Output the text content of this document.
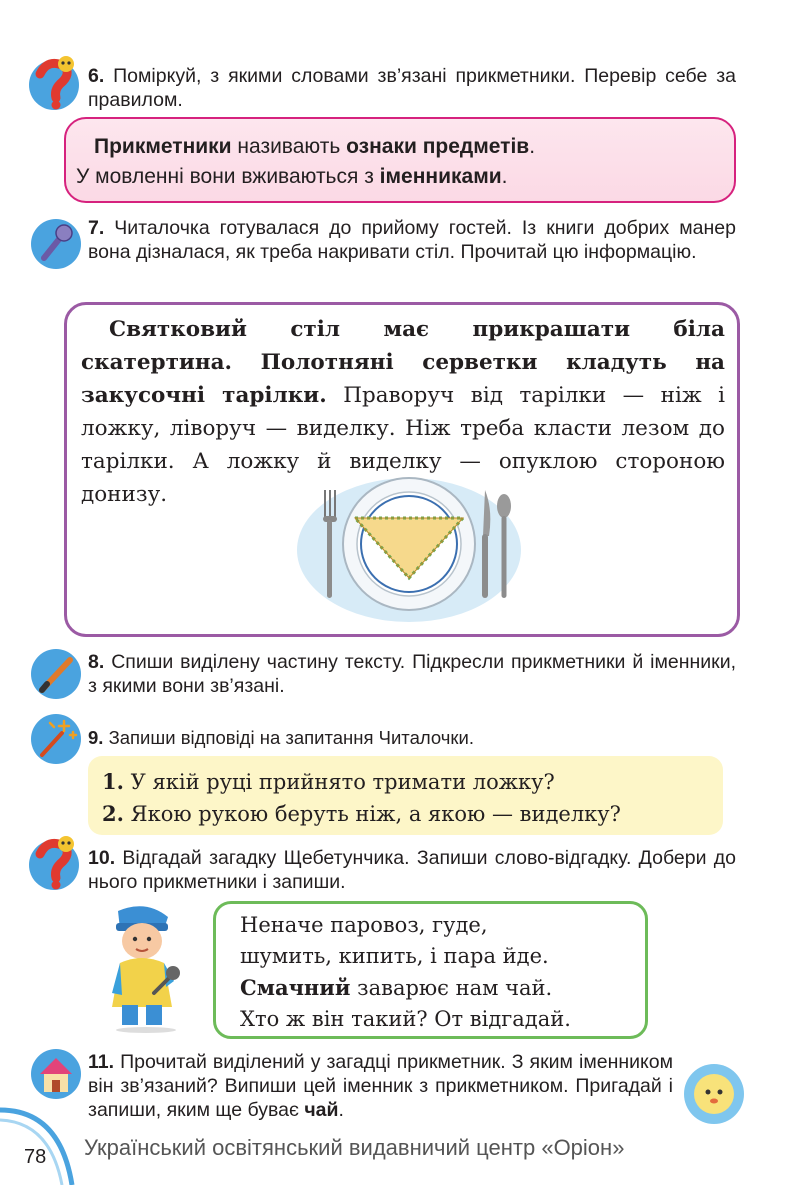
6. Поміркуй, з якими словами зв’язані прикметники. Перевір себе за правилом.
Прикметники називають ознаки предметів.
У мовленні вони вживаються з іменниками.
7. Читалочка готувалася до прийому гостей. Із книги добрих манер вона дізналася, як треба накривати стіл. Прочитай цю інформацію.
Святковий стіл має прикрашати біла скатертина. Полотняні серветки кладуть на закусочні тарілки. Праворуч від тарілки — ніж і ложку, ліворуч — виделку. Ніж треба класти лезом до тарілки. А ложку й виделку — опуклою стороною донизу.
8. Спиши виділену частину тексту. Підкресли прикметники й іменники, з якими вони зв’язані.
9. Запиши відповіді на запитання Читалочки.
1. У якій руці прийнято тримати ложку?
2. Якою рукою беруть ніж, а якою — виделку?
10. Відгадай загадку Щебетунчика. Запиши слово-відгадку. Добери до нього прикметники і запиши.
Неначе паровоз, гуде,
шумить, кипить, і пара йде.
Смачний заварює нам чай.
Хто ж він такий? От відгадай.
11. Прочитай виділений у загадці прикметник. З яким іменником він зв’язаний? Випиши цей іменник з прикметником. Пригадай і запиши, яким ще буває чай.
78 Український освітянський видавничий центр «Оріон»
